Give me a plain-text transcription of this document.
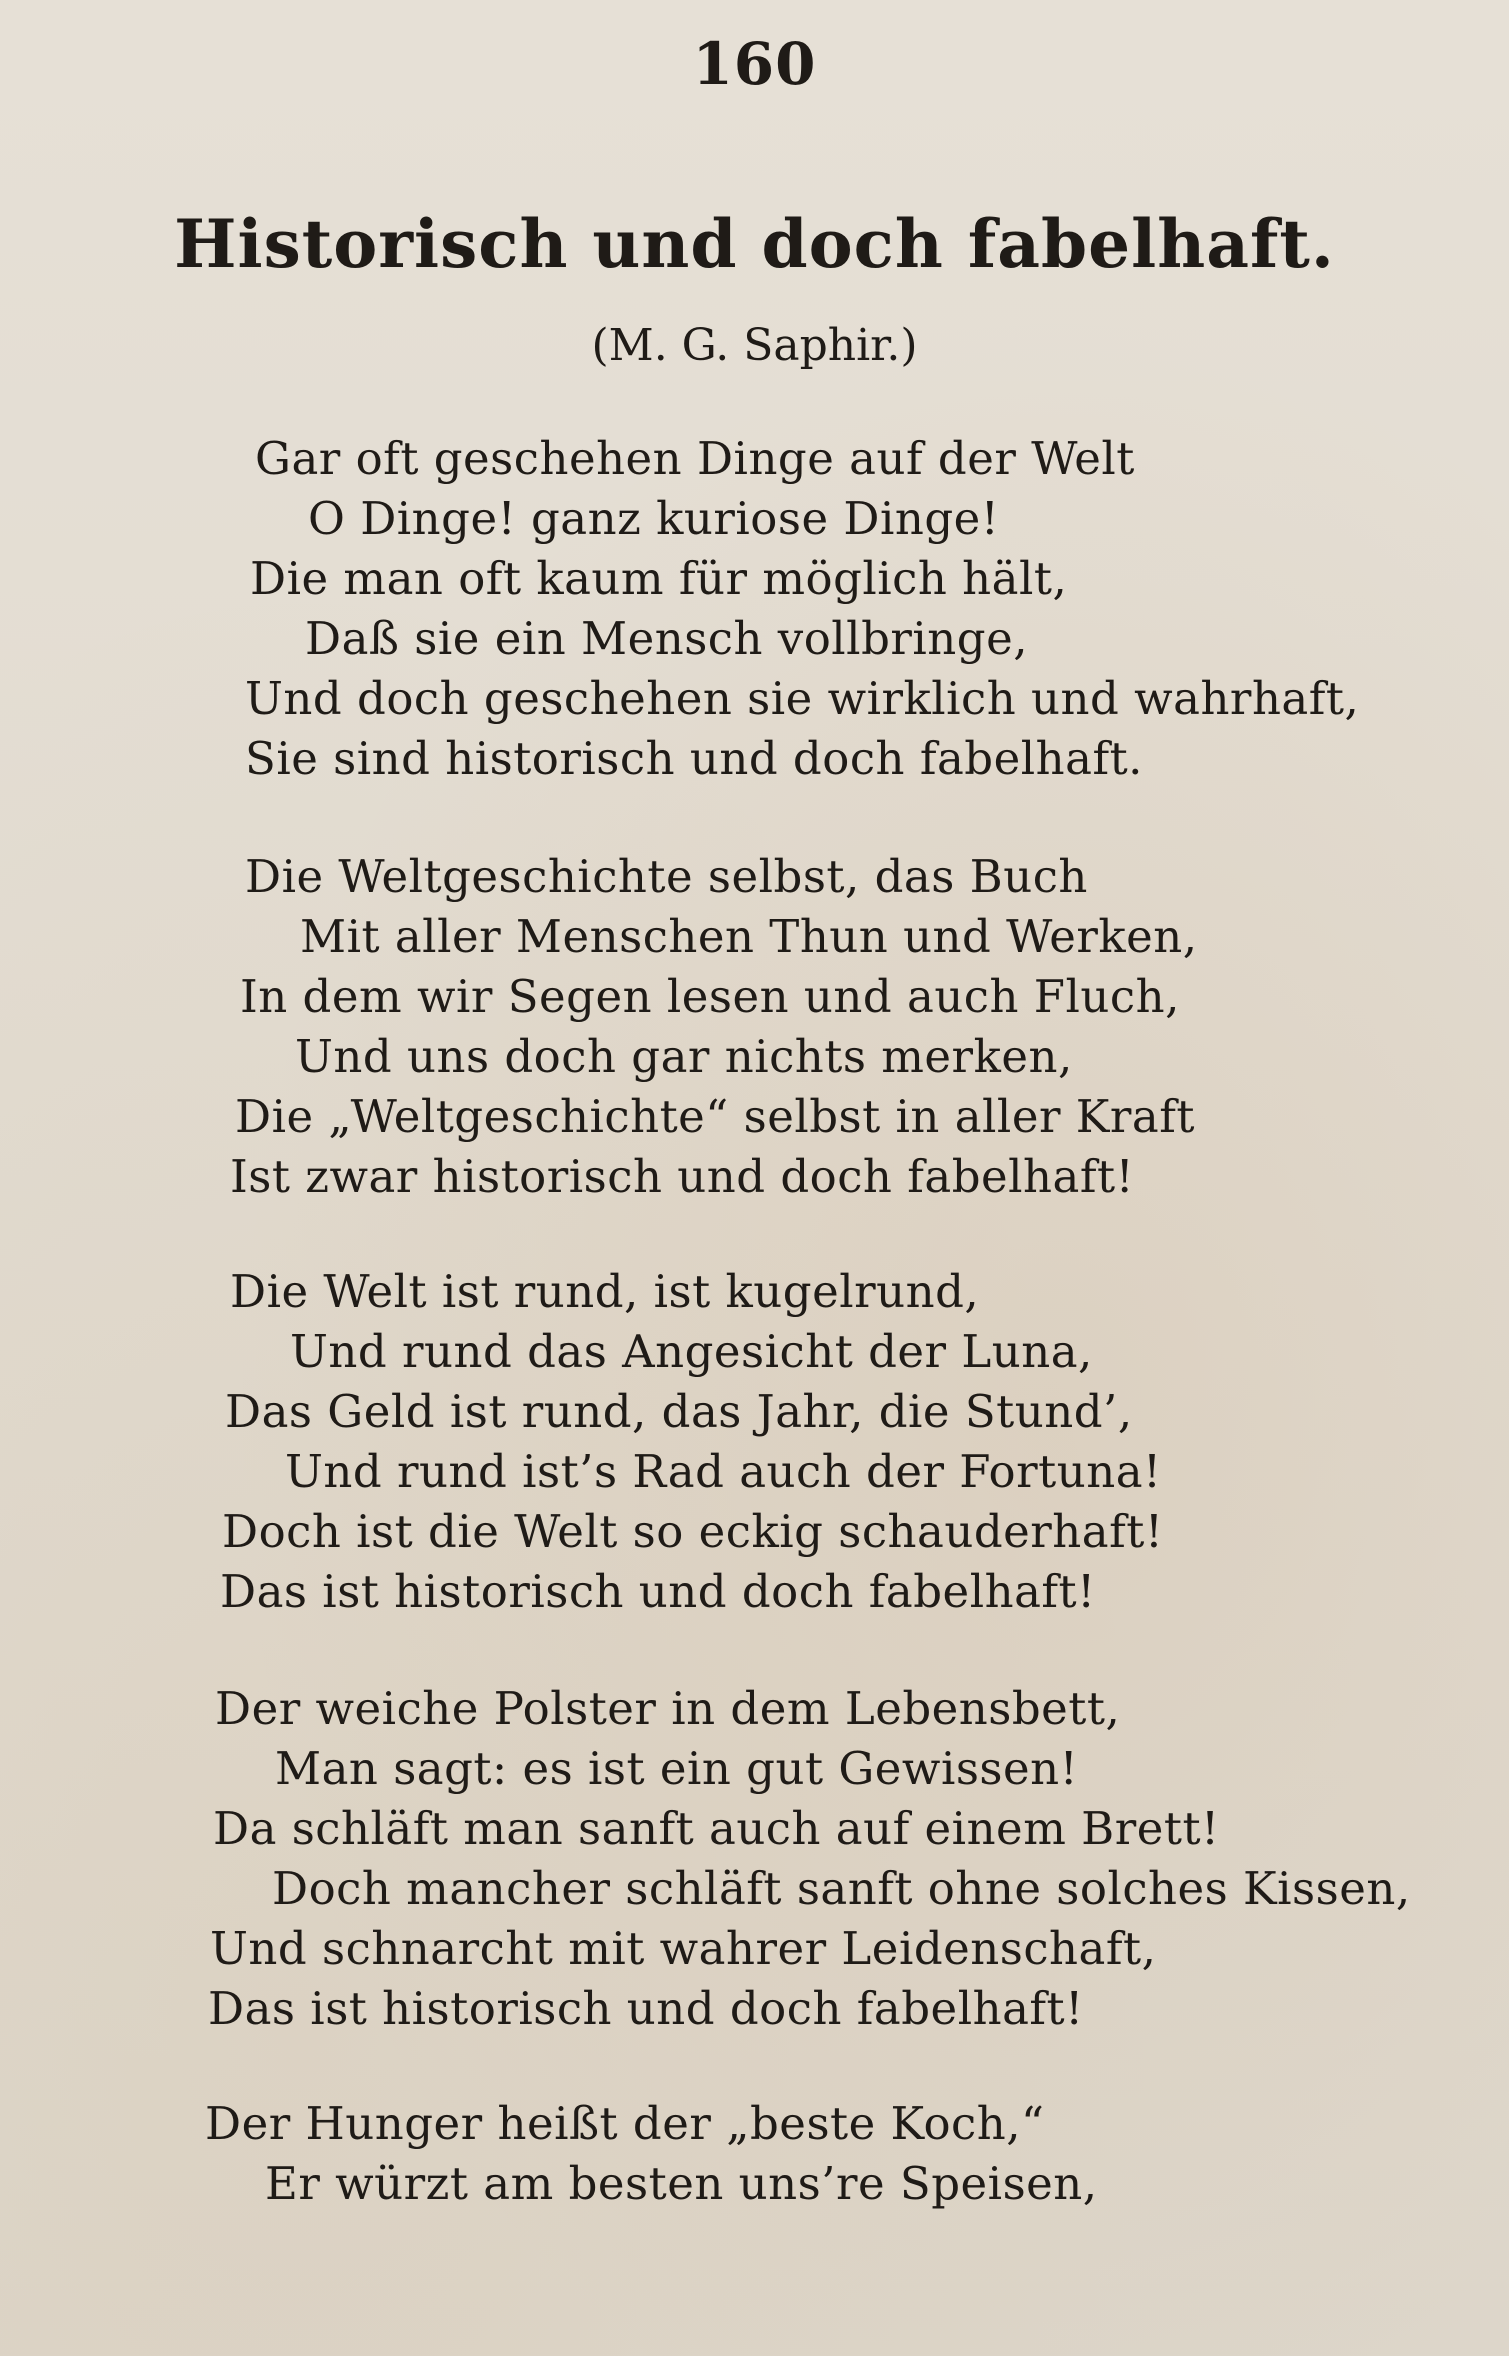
160
Historisch und doch fabelhaft.
(M. G. Saphir.)
Gar oft geschehen Dinge auf der Welt
O Dinge! ganz kuriose Dinge!
Die man oft kaum für möglich hält,
Daß sie ein Mensch vollbringe,
Und doch geschehen sie wirklich und wahrhaft,
Sie sind historisch und doch fabelhaft.
Die Weltgeschichte selbst, das Buch
Mit aller Menschen Thun und Werken,
In dem wir Segen lesen und auch Fluch,
Und uns doch gar nichts merken,
Die „Weltgeschichte“ selbst in aller Kraft
Ist zwar historisch und doch fabelhaft!
Die Welt ist rund, ist kugelrund,
Und rund das Angesicht der Luna,
Das Geld ist rund, das Jahr, die Stund’,
Und rund ist’s Rad auch der Fortuna!
Doch ist die Welt so eckig schauderhaft!
Das ist historisch und doch fabelhaft!
Der weiche Polster in dem Lebensbett,
Man sagt: es ist ein gut Gewissen!
Da schläft man sanft auch auf einem Brett!
Doch mancher schläft sanft ohne solches Kissen,
Und schnarcht mit wahrer Leidenschaft,
Das ist historisch und doch fabelhaft!
Der Hunger heißt der „beste Koch,“
Er würzt am besten uns’re Speisen,
